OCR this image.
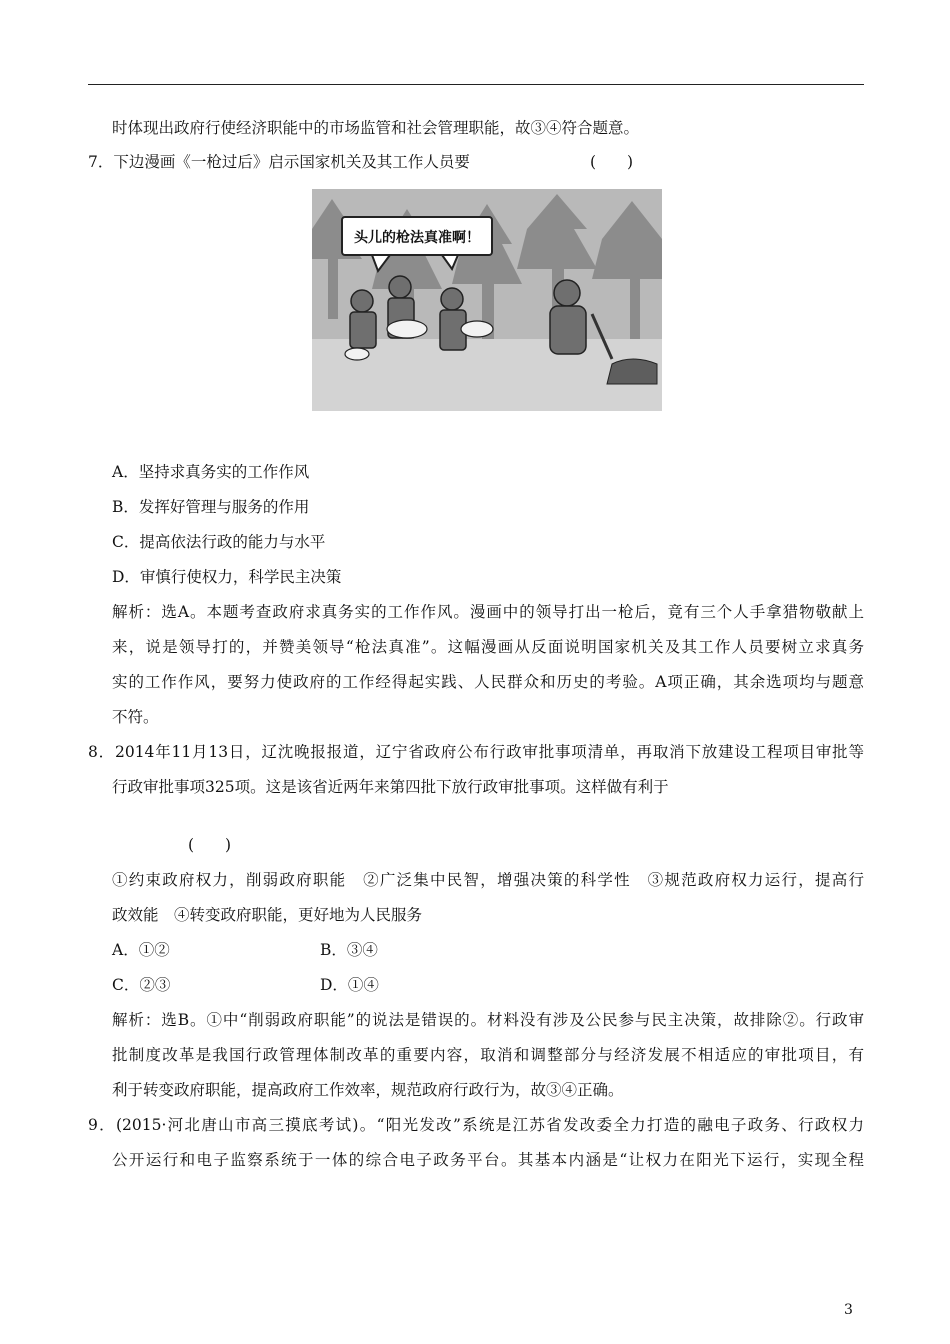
时体现出政府行使经济职能中的市场监管和社会管理职能，故③④符合题意。
7．下边漫画《一枪过后》启示国家机关及其工作人员要	(　　)
头儿的枪法真准啊！
A．坚持求真务实的工作作风
B．发挥好管理与服务的作用
C．提高依法行政的能力与水平
D．审慎行使权力，科学民主决策
解析：选A。本题考查政府求真务实的工作作风。漫画中的领导打出一枪后，竟有三个人手拿猎物敬献上
来，说是领导打的，并赞美领导“枪法真准”。这幅漫画从反面说明国家机关及其工作人员要树立求真务
实的工作作风，要努力使政府的工作经得起实践、人民群众和历史的考验。A项正确，其余选项均与题意
不符。
8．2014年11月13日，辽沈晚报报道，辽宁省政府公布行政审批事项清单，再取消下放建设工程项目审批等
行政审批事项325项。这是该省近两年来第四批下放行政审批事项。这样做有利于
(　　)
①约束政府权力，削弱政府职能　②广泛集中民智，增强决策的科学性　③规范政府权力运行，提高行
政效能　④转变政府职能，更好地为人民服务
A．①②	B．③④
C．②③	D．①④
解析：选B。①中“削弱政府职能”的说法是错误的。材料没有涉及公民参与民主决策，故排除②。行政审
批制度改革是我国行政管理体制改革的重要内容，取消和调整部分与经济发展不相适应的审批项目，有
利于转变政府职能，提高政府工作效率，规范政府行政行为，故③④正确。
9．(2015·河北唐山市高三摸底考试)。“阳光发改”系统是江苏省发改委全力打造的融电子政务、行政权力
公开运行和电子监察系统于一体的综合电子政务平台。其基本内涵是“让权力在阳光下运行，实现全程
3
